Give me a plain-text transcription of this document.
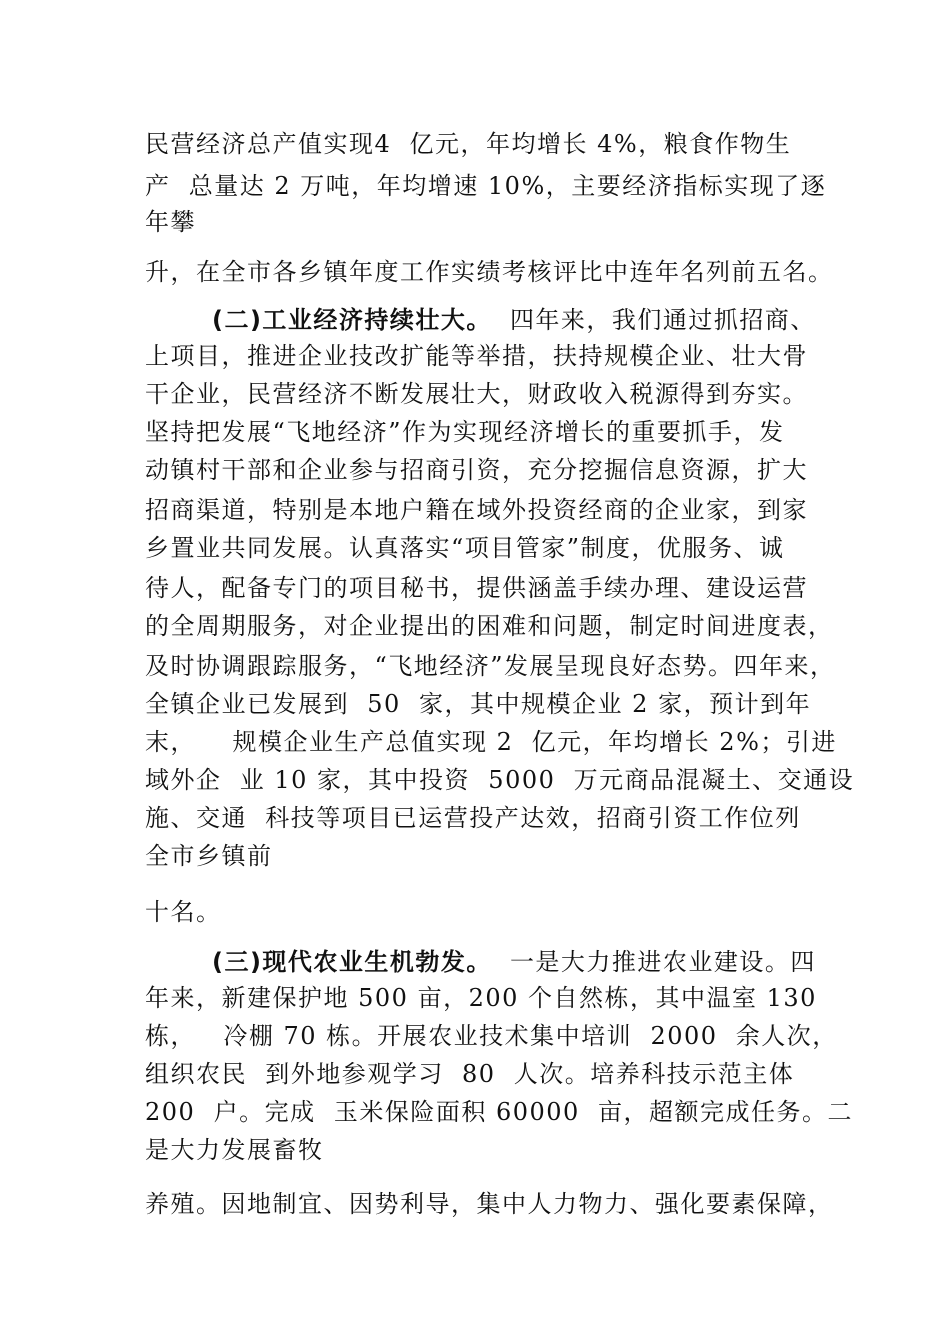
民营经济总产值实现4  亿元，年均增长 4%，粮食作物生
产  总量达 2 万吨，年均增速 10%，主要经济指标实现了逐
年攀
升，在全市各乡镇年度工作实绩考核评比中连年名列前五名。
(二)工业经济持续壮大。 四年来，我们通过抓招商、
上项目，推进企业技改扩能等举措，扶持规模企业、壮大骨
干企业，民营经济不断发展壮大，财政收入税源得到夯实。
坚持把发展“飞地经济”作为实现经济增长的重要抓手，发
动镇村干部和企业参与招商引资，充分挖掘信息资源，扩大
招商渠道，特别是本地户籍在域外投资经商的企业家，到家
乡置业共同发展。认真落实“项目管家”制度，优服务、诚
待人，配备专门的项目秘书，提供涵盖手续办理、建设运营
的全周期服务，对企业提出的困难和问题，制定时间进度表，
及时协调跟踪服务，“飞地经济”发展呈现良好态势。四年来，
全镇企业已发展到  50  家，其中规模企业 2 家，预计到年
末，    规模企业生产总值实现 2  亿元，年均增长 2%；引进
域外企  业 10 家，其中投资  5000  万元商品混凝土、交通设
施、交通  科技等项目已运营投产达效，招商引资工作位列
全市乡镇前
十名。
(三)现代农业生机勃发。 一是大力推进农业建设。四
年来，新建保护地 500 亩，200 个自然栋，其中温室 130
栋，   冷棚 70 栋。开展农业技术集中培训  2000  余人次，
组织农民  到外地参观学习  80  人次。培养科技示范主体
200  户。完成  玉米保险面积 60000  亩，超额完成任务。二
是大力发展畜牧
养殖。因地制宜、因势利导，集中人力物力、强化要素保障，
